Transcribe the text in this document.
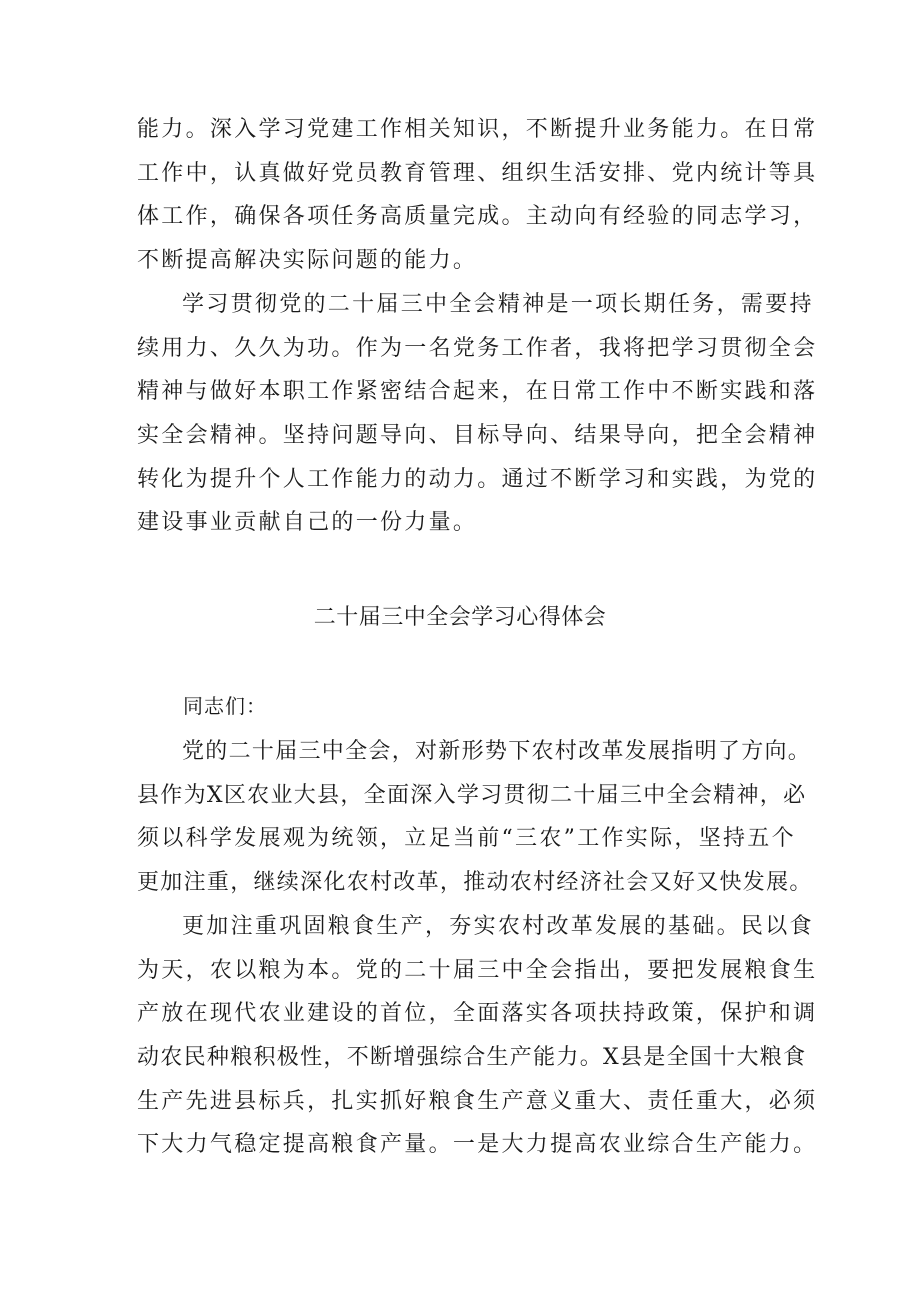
能力。深入学习党建工作相关知识，不断提升业务能力。在日常
工作中，认真做好党员教育管理、组织生活安排、党内统计等具
体工作，确保各项任务高质量完成。主动向有经验的同志学习，
不断提高解决实际问题的能力。
学习贯彻党的二十届三中全会精神是一项长期任务，需要持
续用力、久久为功。作为一名党务工作者，我将把学习贯彻全会
精神与做好本职工作紧密结合起来，在日常工作中不断实践和落
实全会精神。坚持问题导向、目标导向、结果导向，把全会精神
转化为提升个人工作能力的动力。通过不断学习和实践，为党的
建设事业贡献自己的一份力量。
二十届三中全会学习心得体会
同志们：
党的二十届三中全会，对新形势下农村改革发展指明了方向。
县作为X区农业大县，全面深入学习贯彻二十届三中全会精神，必
须以科学发展观为统领，立足当前“三农”工作实际，坚持五个
更加注重，继续深化农村改革，推动农村经济社会又好又快发展。
更加注重巩固粮食生产，夯实农村改革发展的基础。民以食
为天，农以粮为本。党的二十届三中全会指出，要把发展粮食生
产放在现代农业建设的首位，全面落实各项扶持政策，保护和调
动农民种粮积极性，不断增强综合生产能力。X县是全国十大粮食
生产先进县标兵，扎实抓好粮食生产意义重大、责任重大，必须
下大力气稳定提高粮食产量。一是大力提高农业综合生产能力。
